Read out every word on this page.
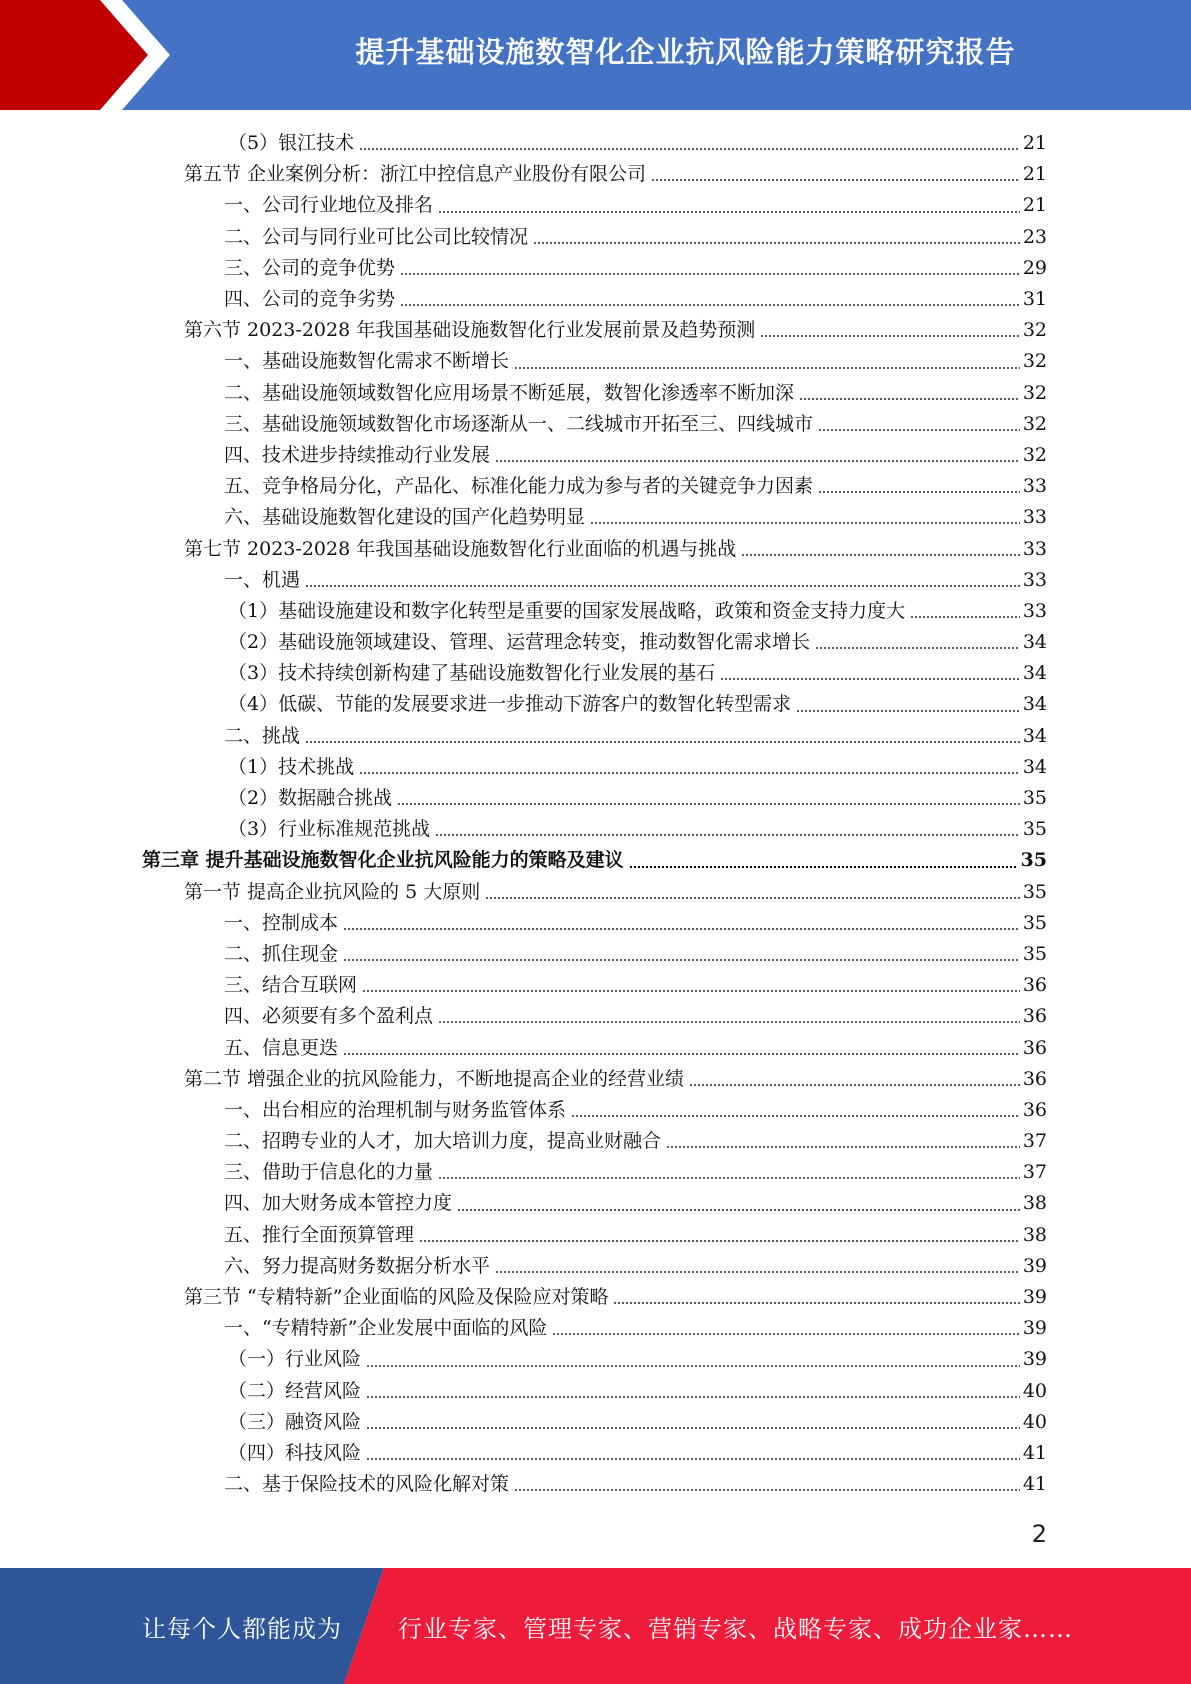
提升基础设施数智化企业抗风险能力策略研究报告
（5）银江技术	21
第五节 企业案例分析：浙江中控信息产业股份有限公司	21
一、公司行业地位及排名	21
二、公司与同行业可比公司比较情况	23
三、公司的竞争优势	29
四、公司的竞争劣势	31
第六节 2023-2028 年我国基础设施数智化行业发展前景及趋势预测	32
一、基础设施数智化需求不断增长	32
二、基础设施领域数智化应用场景不断延展，数智化渗透率不断加深	32
三、基础设施领域数智化市场逐渐从一、二线城市开拓至三、四线城市	32
四、技术进步持续推动行业发展	32
五、竞争格局分化，产品化、标准化能力成为参与者的关键竞争力因素	33
六、基础设施数智化建设的国产化趋势明显	33
第七节 2023-2028 年我国基础设施数智化行业面临的机遇与挑战	33
一、机遇	33
（1）基础设施建设和数字化转型是重要的国家发展战略，政策和资金支持力度大	33
（2）基础设施领域建设、管理、运营理念转变，推动数智化需求增长	34
（3）技术持续创新构建了基础设施数智化行业发展的基石	34
（4）低碳、节能的发展要求进一步推动下游客户的数智化转型需求	34
二、挑战	34
（1）技术挑战	34
（2）数据融合挑战	35
（3）行业标准规范挑战	35
第三章 提升基础设施数智化企业抗风险能力的策略及建议	35
第一节 提高企业抗风险的 5 大原则	35
一、控制成本	35
二、抓住现金	35
三、结合互联网	36
四、必须要有多个盈利点	36
五、信息更迭	36
第二节 增强企业的抗风险能力，不断地提高企业的经营业绩	36
一、出台相应的治理机制与财务监管体系	36
二、招聘专业的人才，加大培训力度，提高业财融合	37
三、借助于信息化的力量	37
四、加大财务成本管控力度	38
五、推行全面预算管理	38
六、努力提高财务数据分析水平	39
第三节 “专精特新”企业面临的风险及保险应对策略	39
一、“专精特新”企业发展中面临的风险	39
（一）行业风险	39
（二）经营风险	40
（三）融资风险	40
（四）科技风险	41
二、基于保险技术的风险化解对策	41
2
让每个人都能成为 行业专家、管理专家、营销专家、战略专家、成功企业家……
